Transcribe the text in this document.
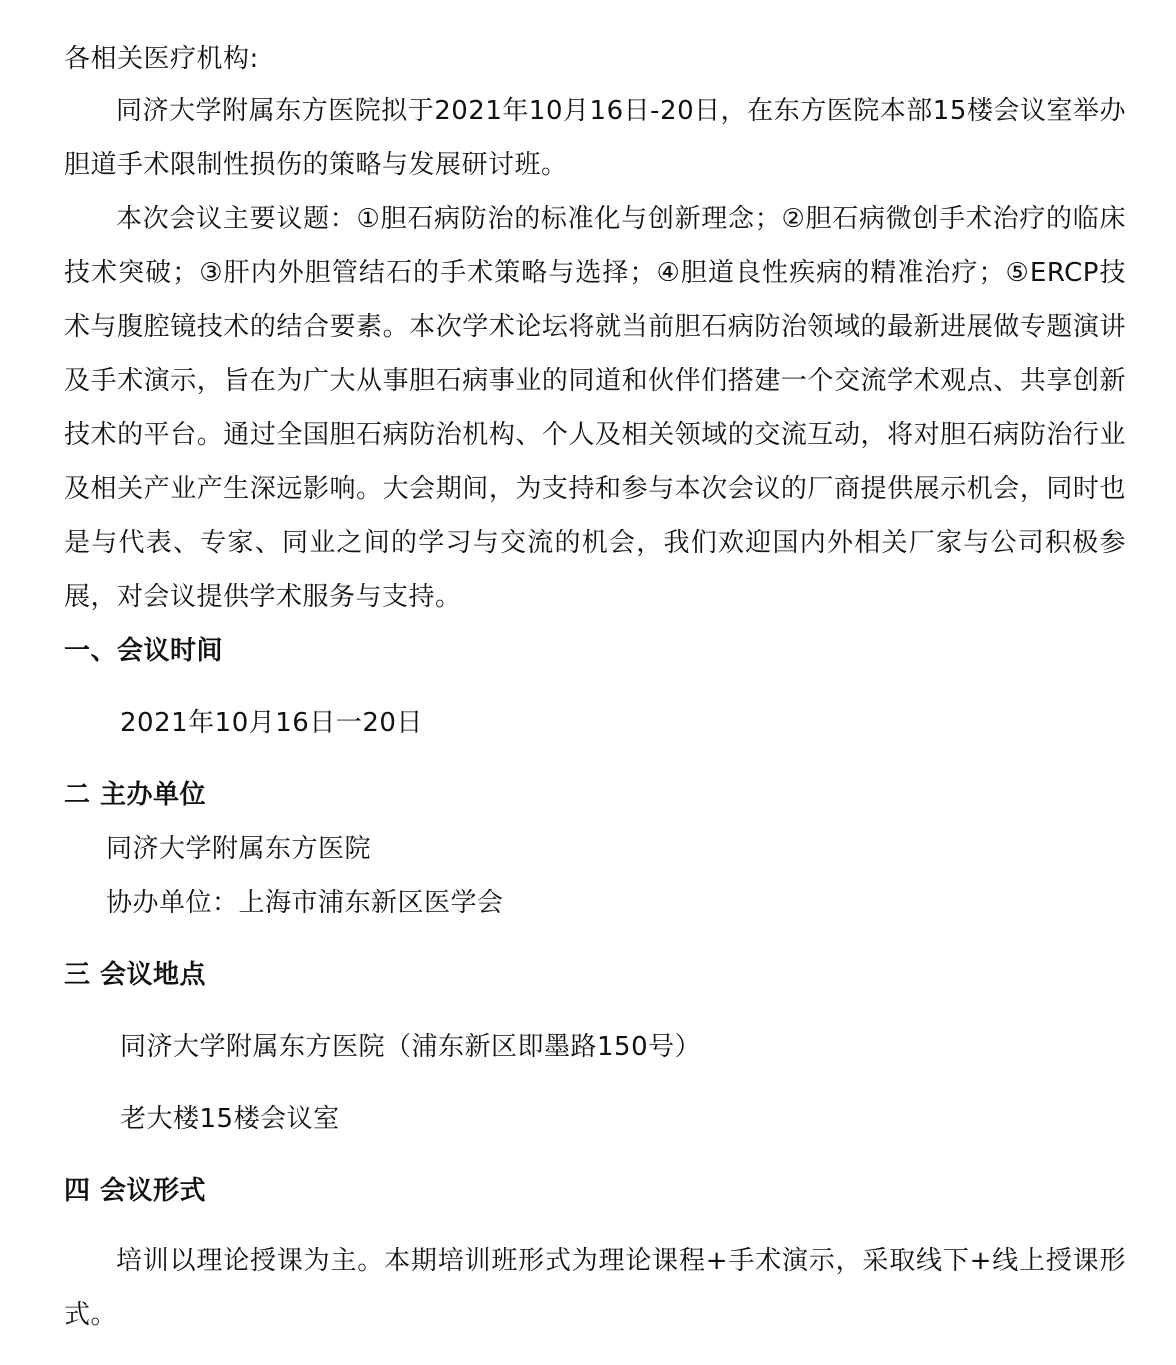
各相关医疗机构:
同济大学附属东方医院拟于2021年10月16日-20日，在东方医院本部15楼会议室举办胆道手术限制性损伤的策略与发展研讨班。
本次会议主要议题：①胆石病防治的标准化与创新理念；②胆石病微创手术治疗的临床技术突破；③肝内外胆管结石的手术策略与选择；④胆道良性疾病的精准治疗；⑤ERCP技术与腹腔镜技术的结合要素。本次学术论坛将就当前胆石病防治领域的最新进展做专题演讲及手术演示，旨在为广大从事胆石病事业的同道和伙伴们搭建一个交流学术观点、共享创新技术的平台。通过全国胆石病防治机构、个人及相关领域的交流互动，将对胆石病防治行业及相关产业产生深远影响。大会期间，为支持和参与本次会议的厂商提供展示机会，同时也是与代表、专家、同业之间的学习与交流的机会，我们欢迎国内外相关厂家与公司积极参展，对会议提供学术服务与支持。
一、会议时间
2021年10月16日一20日
二 主办单位
同济大学附属东方医院
协办单位：上海市浦东新区医学会
三 会议地点
同济大学附属东方医院（浦东新区即墨路150号）
老大楼15楼会议室
四 会议形式
培训以理论授课为主。本期培训班形式为理论课程+手术演示，采取线下+线上授课形式。
